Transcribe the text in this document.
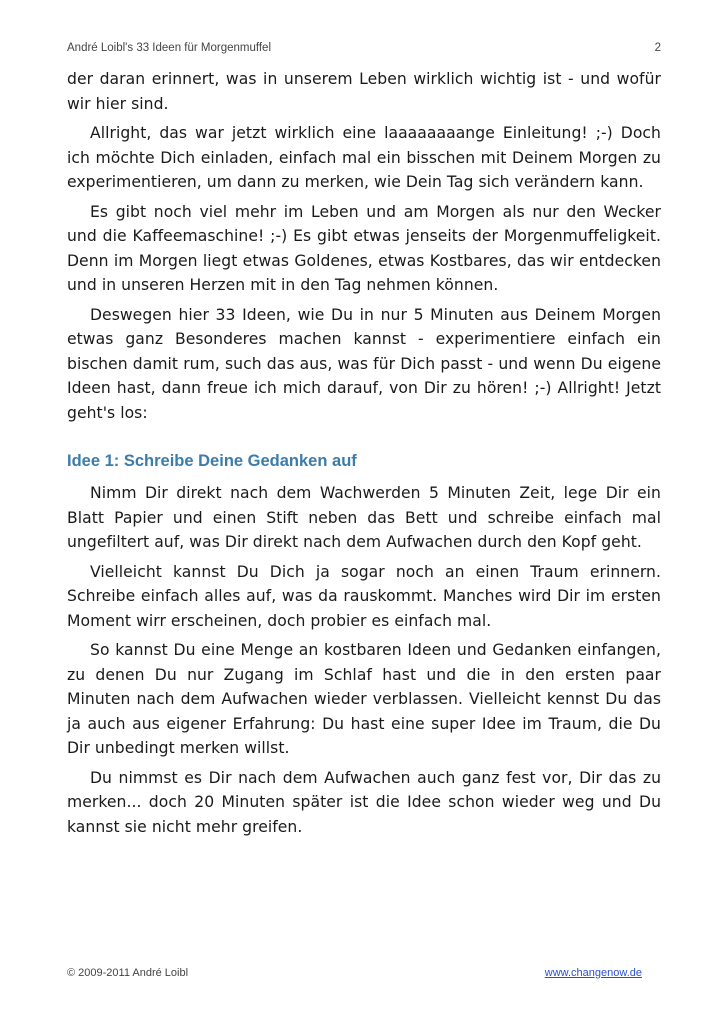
André Loibl's 33 Ideen für Morgenmuffel	2

der daran erinnert, was in unserem Leben wirklich wichtig ist - und wofür wir hier sind.

Allright, das war jetzt wirklich eine laaaaaaaange Einleitung! ;-) Doch ich möchte Dich einladen, einfach mal ein bisschen mit Deinem Morgen zu experimentieren, um dann zu merken, wie Dein Tag sich verändern kann.

Es gibt noch viel mehr im Leben und am Morgen als nur den Wecker und die Kaffeemaschine! ;-) Es gibt etwas jenseits der Morgenmuffeligkeit. Denn im Morgen liegt etwas Goldenes, etwas Kostbares, das wir entdecken und in unseren Herzen mit in den Tag nehmen können.

Deswegen hier 33 Ideen, wie Du in nur 5 Minuten aus Deinem Morgen etwas ganz Besonderes machen kannst - experimentiere einfach ein bischen damit rum, such das aus, was für Dich passt - und wenn Du eigene Ideen hast, dann freue ich mich darauf, von Dir zu hören! ;-) Allright! Jetzt geht's los:

Idee 1: Schreibe Deine Gedanken auf

Nimm Dir direkt nach dem Wachwerden 5 Minuten Zeit, lege Dir ein Blatt Papier und einen Stift neben das Bett und schreibe einfach mal ungefiltert auf, was Dir direkt nach dem Aufwachen durch den Kopf geht.

Vielleicht kannst Du Dich ja sogar noch an einen Traum erinnern. Schreibe einfach alles auf, was da rauskommt. Manches wird Dir im ersten Moment wirr erscheinen, doch probier es einfach mal.

So kannst Du eine Menge an kostbaren Ideen und Gedanken einfangen, zu denen Du nur Zugang im Schlaf hast und die in den ersten paar Minuten nach dem Aufwachen wieder verblassen. Vielleicht kennst Du das ja auch aus eigener Erfahrung: Du hast eine super Idee im Traum, die Du Dir unbedingt merken willst.

Du nimmst es Dir nach dem Aufwachen auch ganz fest vor, Dir das zu merken... doch 20 Minuten später ist die Idee schon wieder weg und Du kannst sie nicht mehr greifen.

© 2009-2011 André Loibl	www.changenow.de
